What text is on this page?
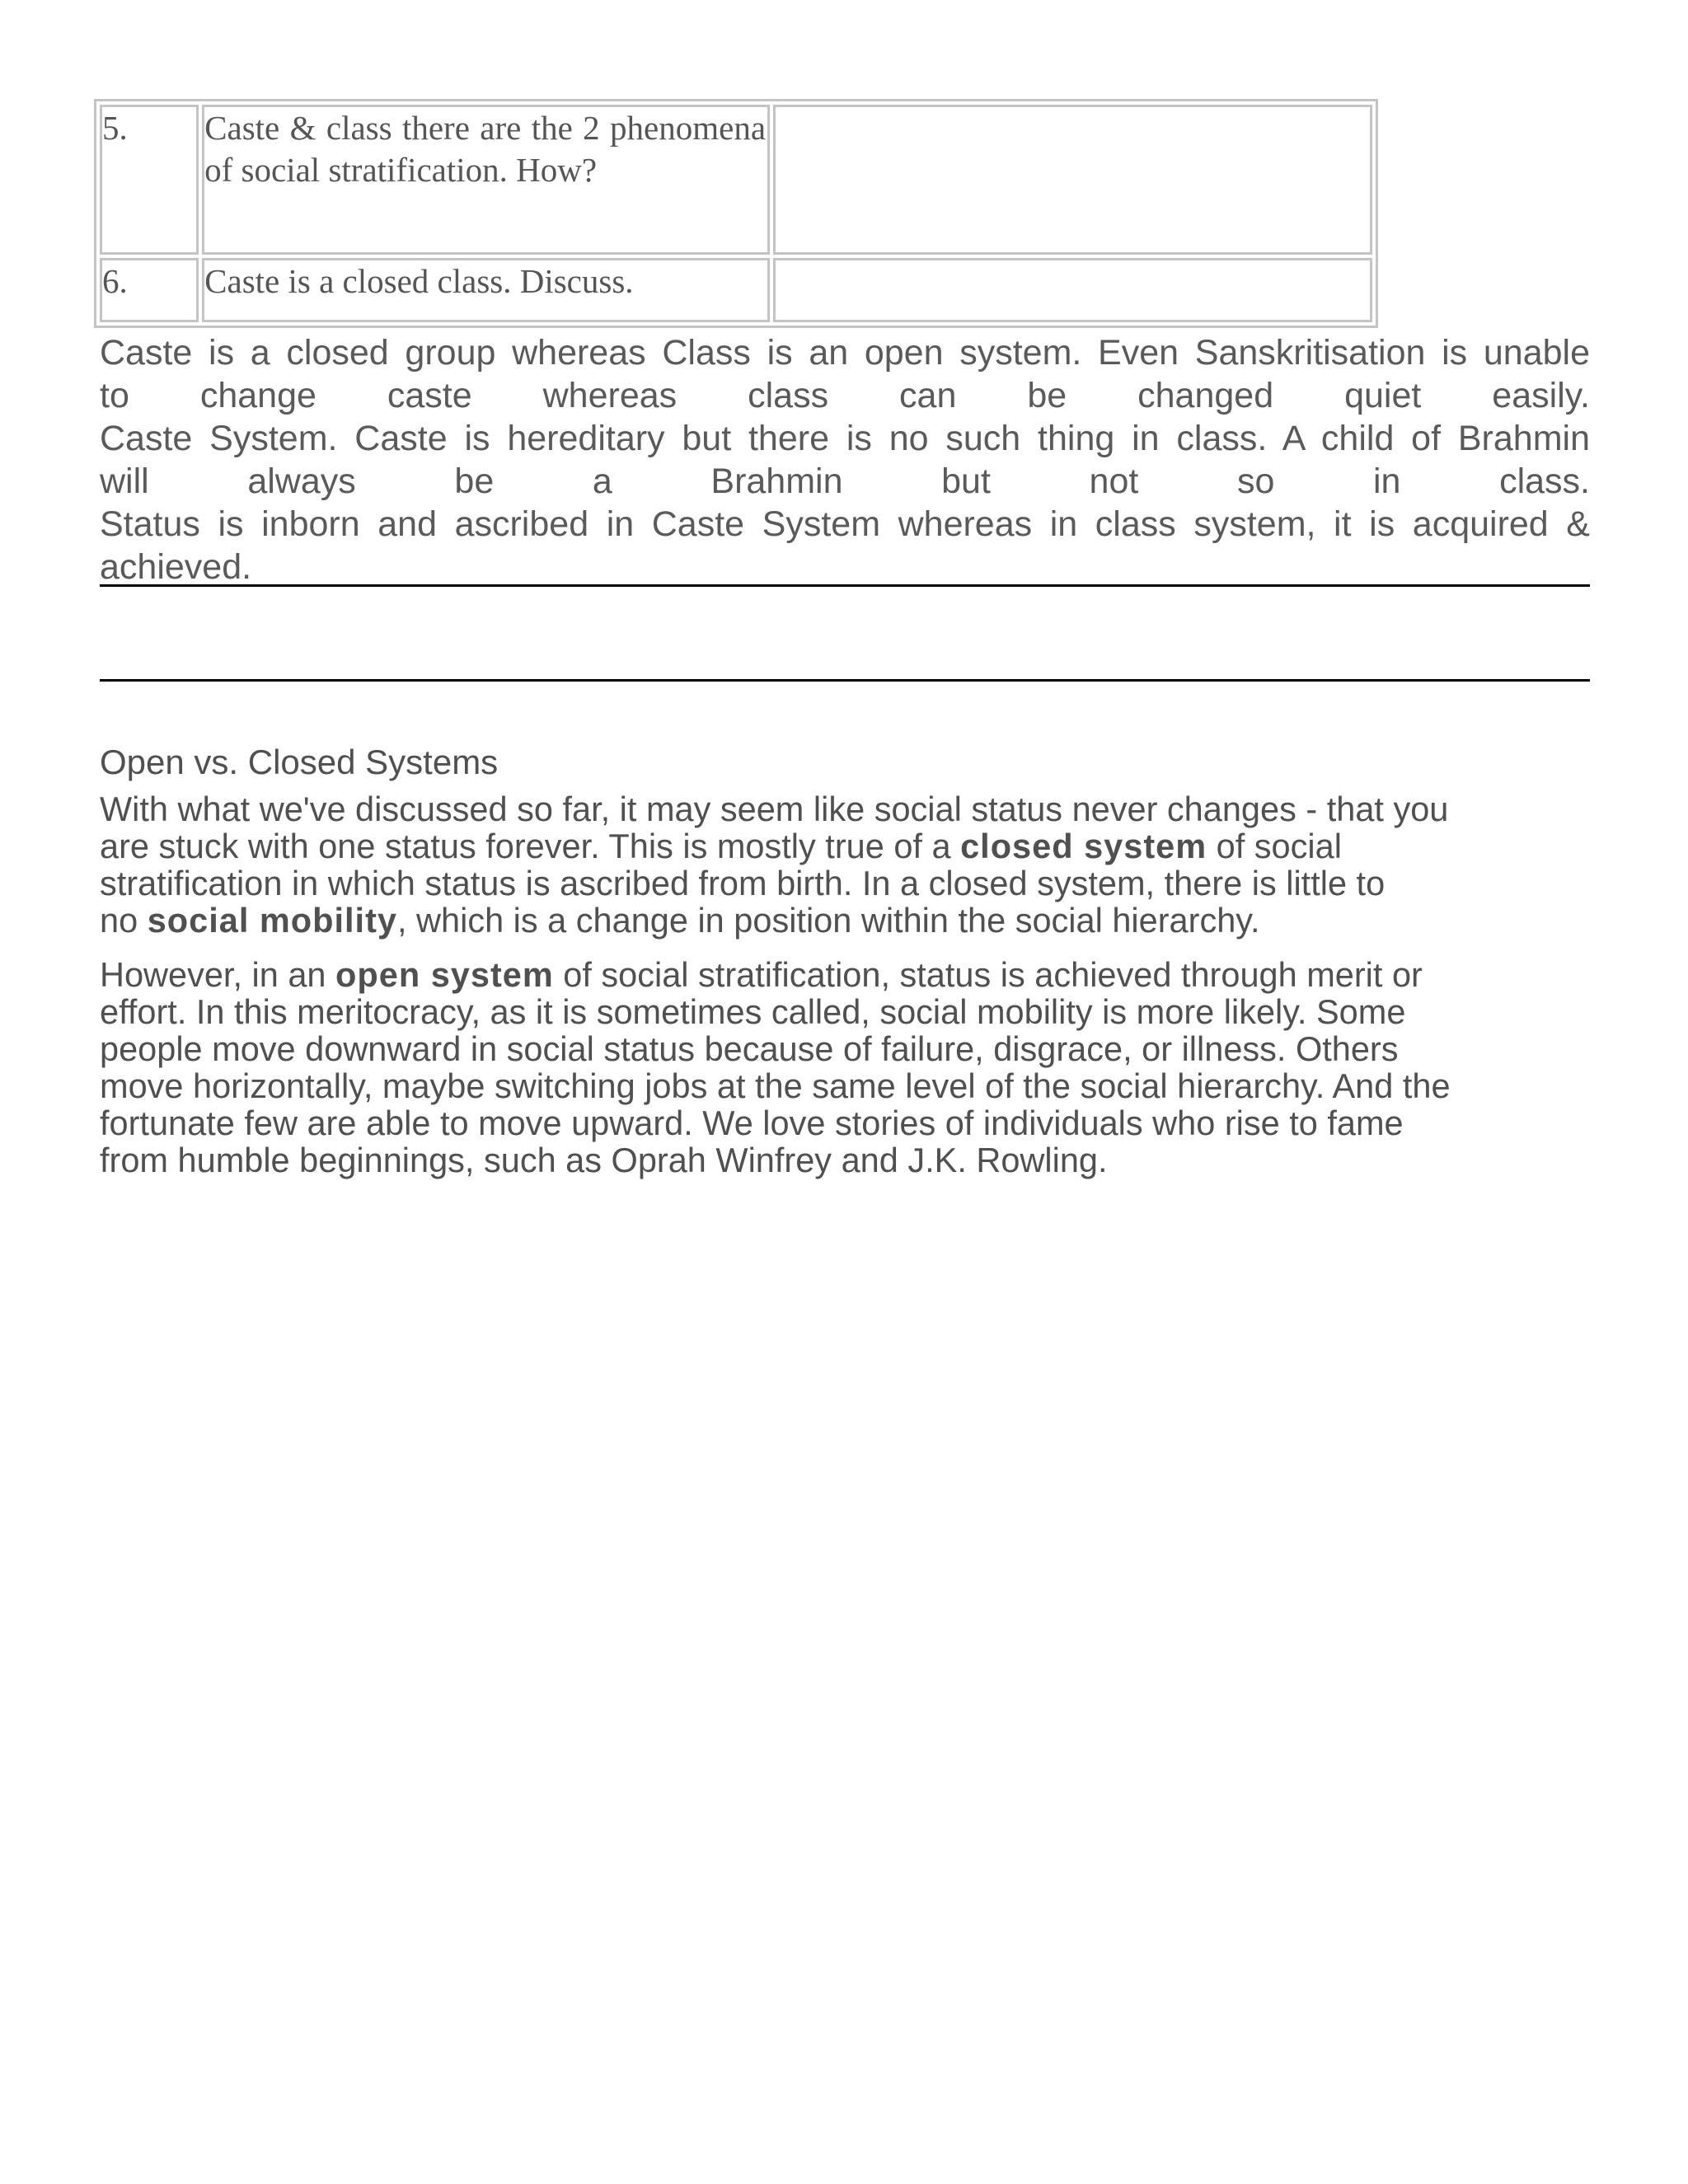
5.	Caste & class there are the 2 phenomena of social stratification. How?	
6.	Caste is a closed class. Discuss.	
Caste is a closed group whereas Class is an open system. Even Sanskritisation is unable
to change caste whereas class can be changed quiet easily.
Caste System. Caste is hereditary but there is no such thing in class. A child of Brahmin
will always be a Brahmin but not so in class.
Status is inborn and ascribed in Caste System whereas in class system, it is acquired &
achieved.
Open vs. Closed Systems
With what we've discussed so far, it may seem like social status never changes - that you
are stuck with one status forever. This is mostly true of a closed system of social
stratification in which status is ascribed from birth. In a closed system, there is little to
no social mobility, which is a change in position within the social hierarchy.
However, in an open system of social stratification, status is achieved through merit or
effort. In this meritocracy, as it is sometimes called, social mobility is more likely. Some
people move downward in social status because of failure, disgrace, or illness. Others
move horizontally, maybe switching jobs at the same level of the social hierarchy. And the
fortunate few are able to move upward. We love stories of individuals who rise to fame
from humble beginnings, such as Oprah Winfrey and J.K. Rowling.
